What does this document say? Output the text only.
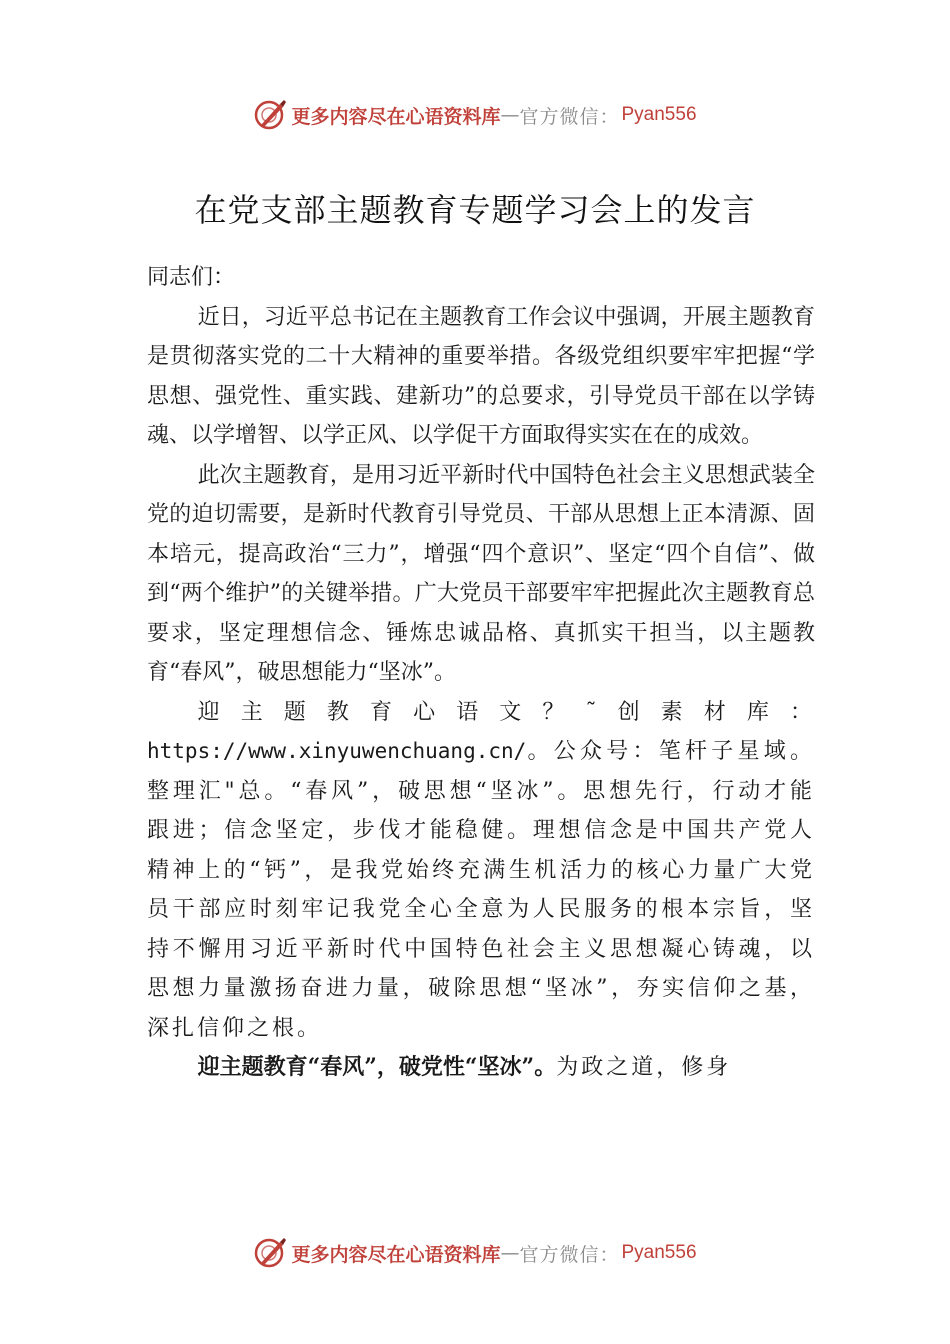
更多内容尽在心语资料库 — 官方微信： Pyan556
在党支部主题教育专题学习会上的发言

同志们：

近日，习近平总书记在主题教育工作会议中强调，开展主题教育是贯彻落实党的二十大精神的重要举措。各级党组织要牢牢把握“学思想、强党性、重实践、建新功”的总要求，引导党员干部在以学铸魂、以学增智、以学正风、以学促干方面取得实实在在的成效。

此次主题教育，是用习近平新时代中国特色社会主义思想武装全党的迫切需要，是新时代教育引导党员、干部从思想上正本清源、固本培元，提高政治“三力”，增强“四个意识”、坚定“四个自信”、做到“两个维护”的关键举措。广大党员干部要牢牢把握此次主题教育总要求，坚定理想信念、锤炼忠诚品格、真抓实干担当，以主题教育“春风”，破思想能力“坚冰”。

迎主题教育心语文？˜创素材库：https://www.xinyuwenchuang.cn/。公众号：笔杆子星域。整理汇"总。“春风”，破思想“坚冰”。思想先行，行动才能跟进；信念坚定，步伐才能稳健。理想信念是中国共产党人精神上的“钙”，是我党始终充满生机活力的核心力量广大党员干部应时刻牢记我党全心全意为人民服务的根本宗旨，坚持不懈用习近平新时代中国特色社会主义思想凝心铸魂，以思想力量激扬奋进力量，破除思想“坚冰”，夯实信仰之基，深扎信仰之根。

迎主题教育“春风”，破党性“坚冰”。为政之道，修身

更多内容尽在心语资料库 — 官方微信： Pyan556
